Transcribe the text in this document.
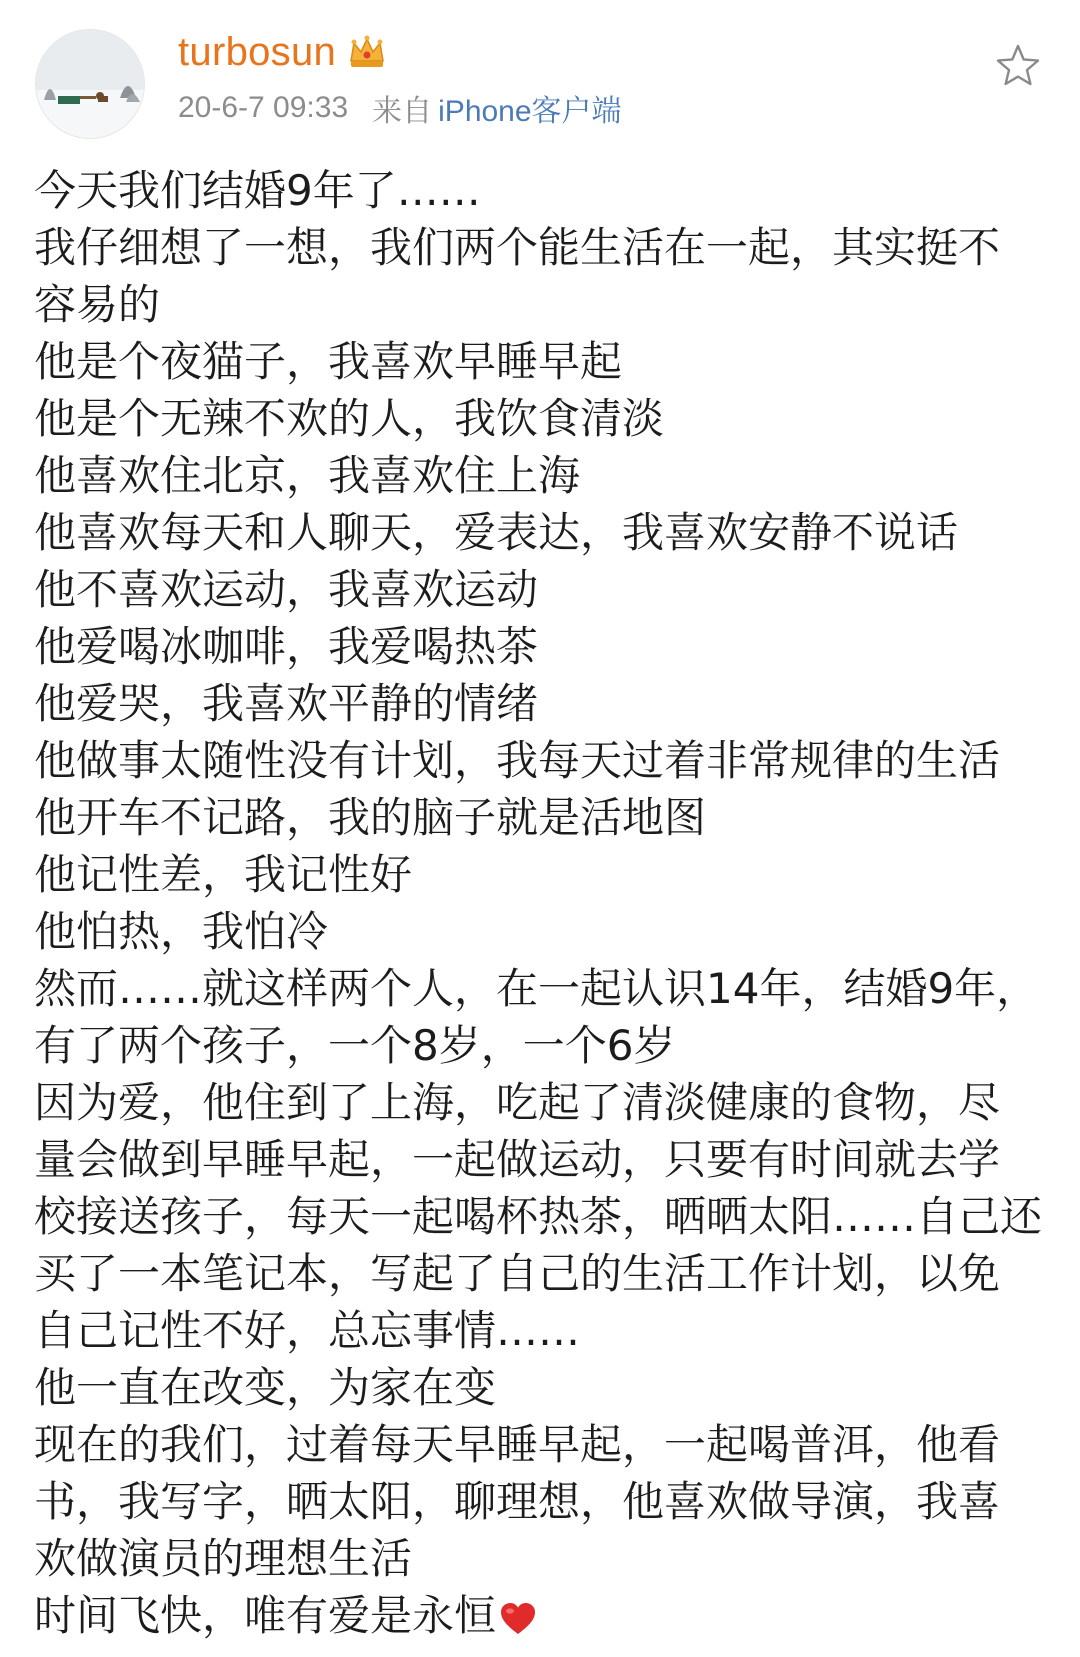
turbosun
20-6-7 09:33 来自 iPhone客户端
今天我们结婚9年了……
我仔细想了一想，我们两个能生活在一起，其实挺不
容易的
他是个夜猫子，我喜欢早睡早起
他是个无辣不欢的人，我饮食清淡
他喜欢住北京，我喜欢住上海
他喜欢每天和人聊天，爱表达，我喜欢安静不说话
他不喜欢运动，我喜欢运动
他爱喝冰咖啡，我爱喝热茶
他爱哭，我喜欢平静的情绪
他做事太随性没有计划，我每天过着非常规律的生活
他开车不记路，我的脑子就是活地图
他记性差，我记性好
他怕热，我怕冷
然而……就这样两个人，在一起认识14年，结婚9年，
有了两个孩子，一个8岁，一个6岁
因为爱，他住到了上海，吃起了清淡健康的食物，尽
量会做到早睡早起，一起做运动，只要有时间就去学
校接送孩子，每天一起喝杯热茶，晒晒太阳……自己还
买了一本笔记本，写起了自己的生活工作计划，以免
自己记性不好，总忘事情……
他一直在改变，为家在变
现在的我们，过着每天早睡早起，一起喝普洱，他看
书，我写字，晒太阳，聊理想，他喜欢做导演，我喜
欢做演员的理想生活
时间飞快，唯有爱是永恒
